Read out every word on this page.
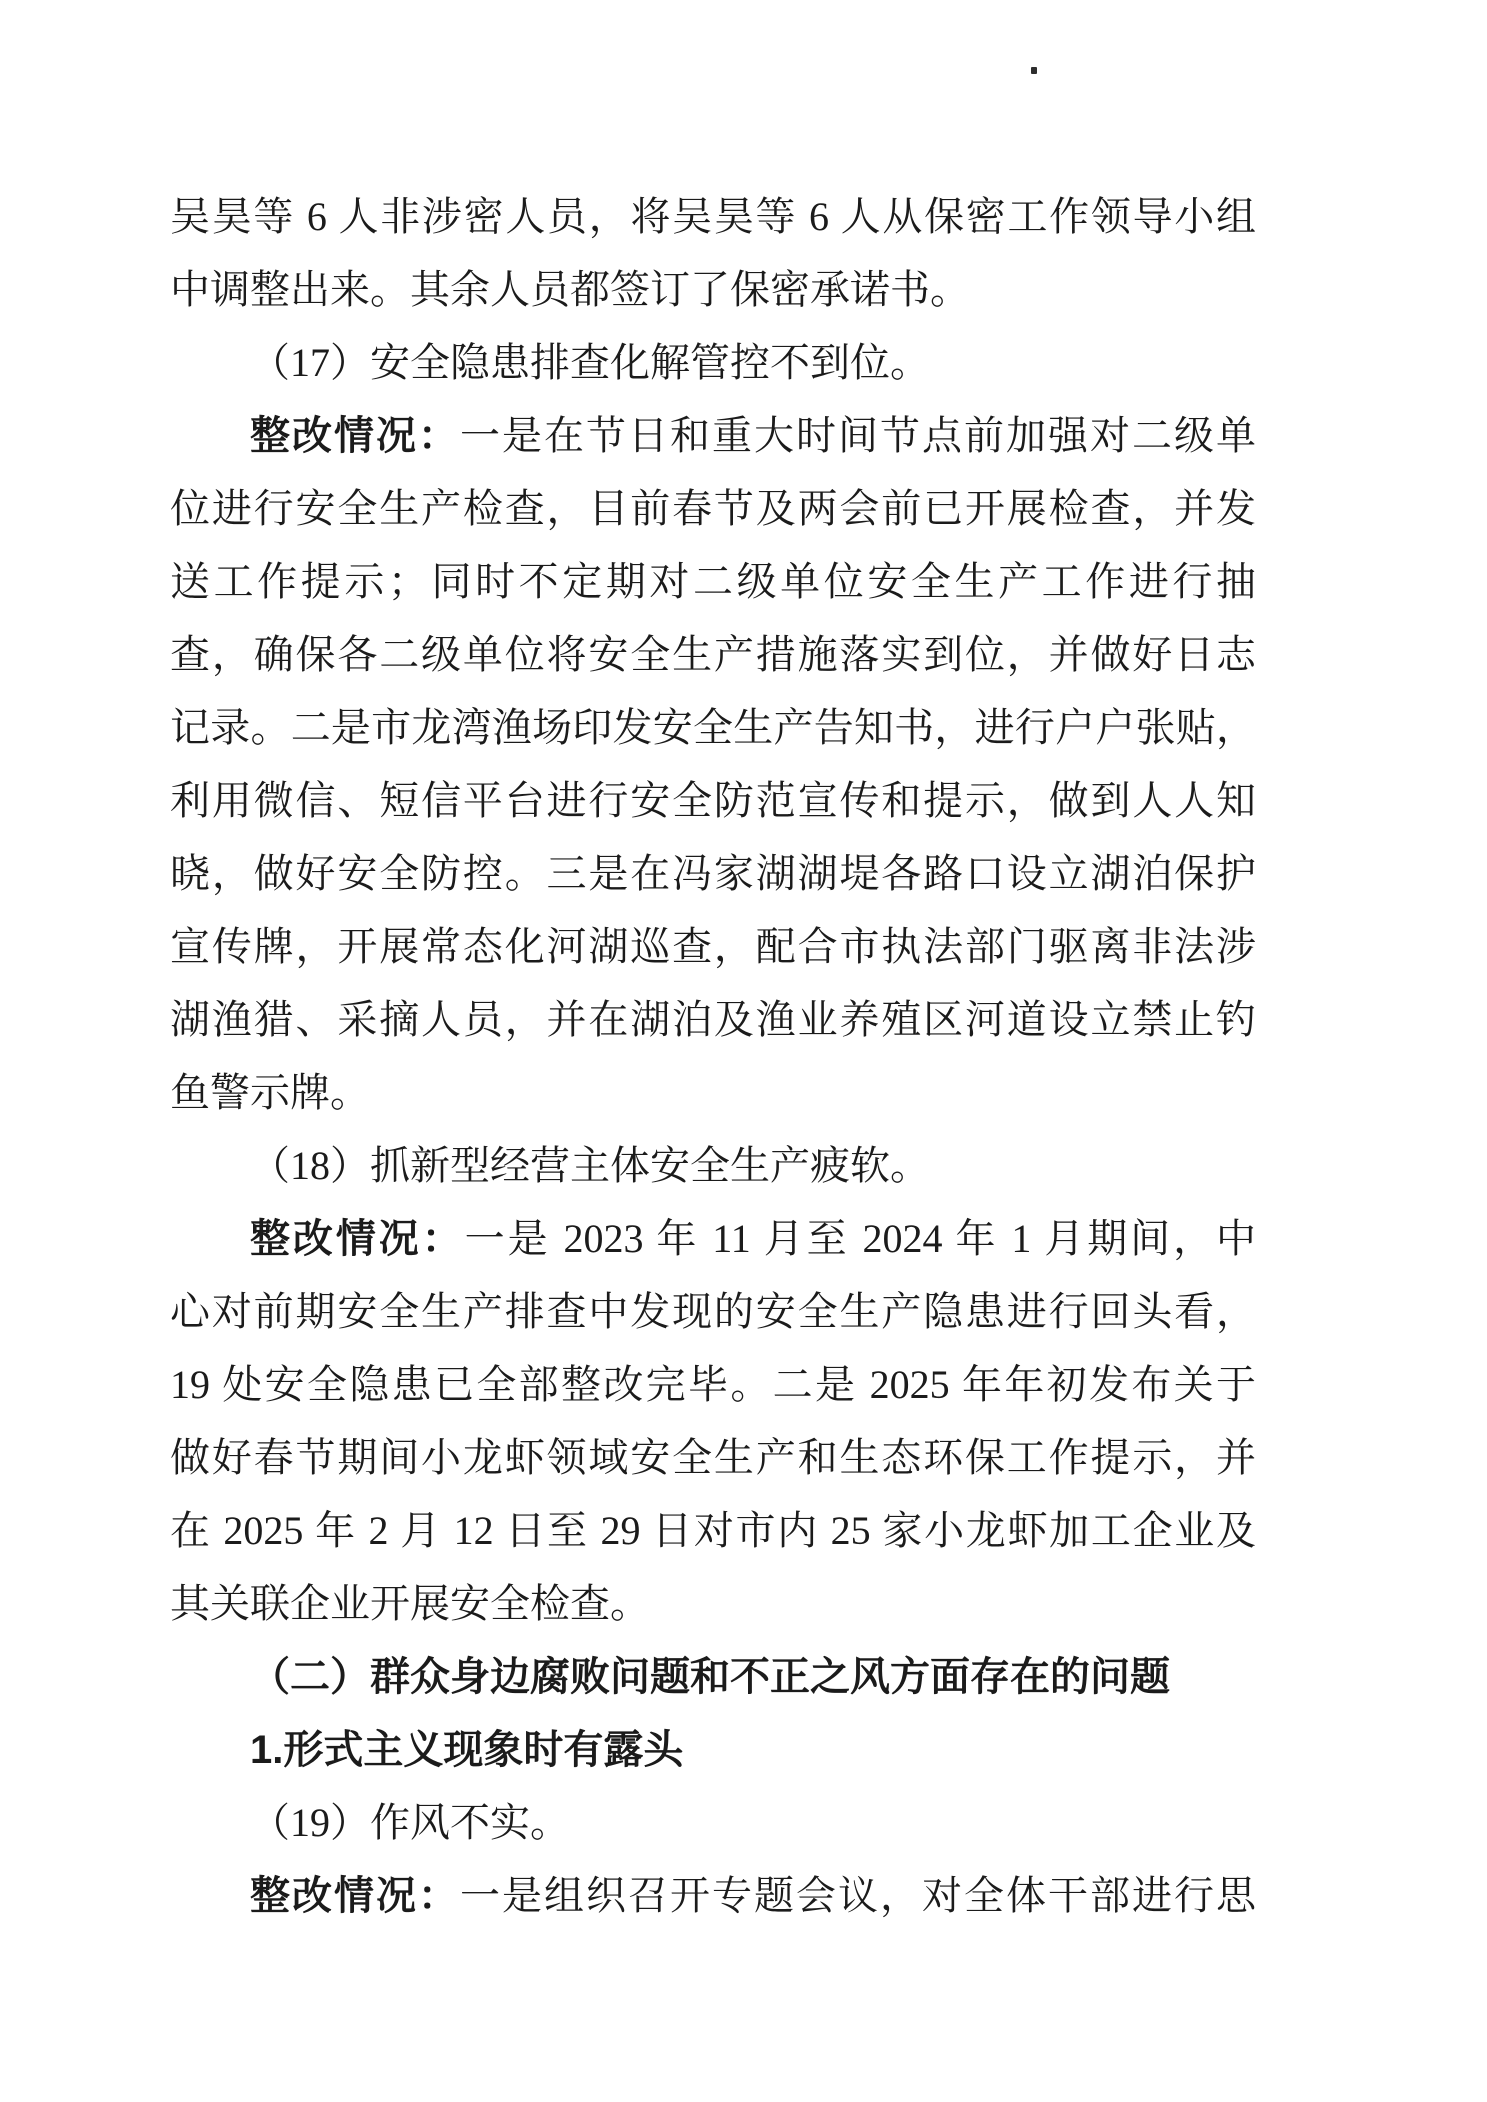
吴昊等 6 人非涉密人员，将吴昊等 6 人从保密工作领导小组
中调整出来。其余人员都签订了保密承诺书。
（17）安全隐患排查化解管控不到位。
整改情况：一是在节日和重大时间节点前加强对二级单
位进行安全生产检查，目前春节及两会前已开展检查，并发
送工作提示；同时不定期对二级单位安全生产工作进行抽
查，确保各二级单位将安全生产措施落实到位，并做好日志
记录。二是市龙湾渔场印发安全生产告知书，进行户户张贴，
利用微信、短信平台进行安全防范宣传和提示，做到人人知
晓，做好安全防控。三是在冯家湖湖堤各路口设立湖泊保护
宣传牌，开展常态化河湖巡查，配合市执法部门驱离非法涉
湖渔猎、采摘人员，并在湖泊及渔业养殖区河道设立禁止钓
鱼警示牌。
（18）抓新型经营主体安全生产疲软。
整改情况：一是 2023 年 11 月至 2024 年 1 月期间，中
心对前期安全生产排查中发现的安全生产隐患进行回头看，
19 处安全隐患已全部整改完毕。二是 2025 年年初发布关于
做好春节期间小龙虾领域安全生产和生态环保工作提示，并
在 2025 年 2 月 12 日至 29 日对市内 25 家小龙虾加工企业及
其关联企业开展安全检查。
（二）群众身边腐败问题和不正之风方面存在的问题
1.形式主义现象时有露头
（19）作风不实。
整改情况：一是组织召开专题会议，对全体干部进行思
